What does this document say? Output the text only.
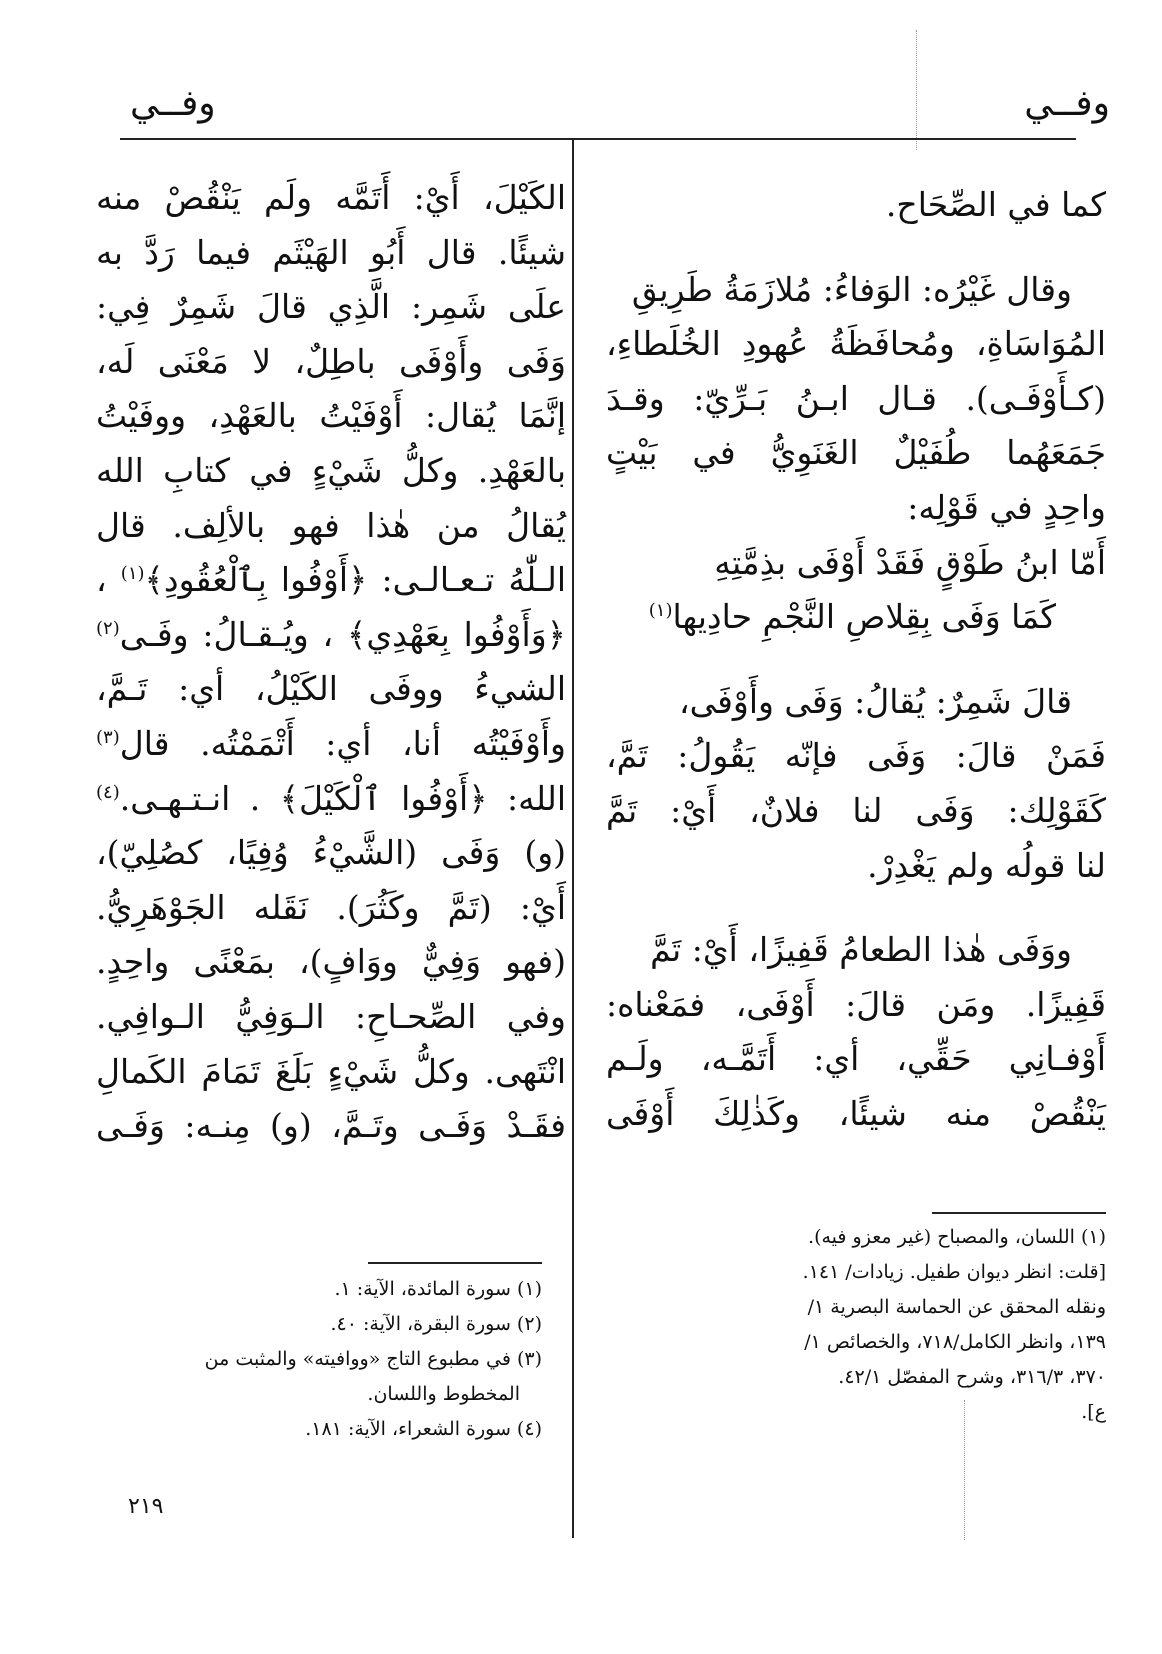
وفــي
وفــي
كما في الصِّحَاح.
وقال غَيْرُه: الوَفاءُ: مُلازَمَةُ طَرِيقِ
المُوَاسَاةِ، ومُحافَظَةُ عُهودِ الخُلَطاءِ،
(كـأَوْفَـى). قـال ابـنُ بَـرِّيّ: وقـدَ
جَمَعَهُما طُفَيْلٌ الغَنَوِيُّ في بَيْتٍ
واحِدٍ في قَوْلِه:
أَمّا ابنُ طَوْقٍ فَقَدْ أَوْفَى بذِمَّتِهِ
كَمَا وَفَى بِقِلاصِ النَّجْمِ حادِيها$^{(١)}$
قالَ شَمِرٌ: يُقالُ: وَفَى وأَوْفَى،
فَمَنْ قالَ: وَفَى فإنّه يَقُولُ: تَمَّ،
كَقَوْلِك: وَفَى لنا فلانٌ، أَيْ: تَمَّ
لنا قولُه ولم يَغْدِرْ.
ووَفَى هٰذا الطعامُ قَفِيزًا، أَيْ: تَمَّ
قَفِيزًا. ومَن قالَ: أَوْفَى، فمَعْناه:
أَوْفـانِي حَقِّي، أي: أَتَمَّـه، ولَـم
يَنْقُصْ منه شيئًا، وكَذٰلِكَ أَوْفَى
الكَيْلَ، أَيْ: أَتَمَّه ولَم يَنْقُصْ منه
شيئًا. قال أَبُو الهَيْثَم فيما رَدَّ به
علَى شَمِر: الَّذِي قالَ شَمِرٌ فِي:
وَفَى وأَوْفَى باطِلٌ، لا مَعْنَى لَه،
إنَّمَا يُقال: أَوْفَيْتُ بالعَهْدِ، ووفَيْتُ
بالعَهْدِ. وكلُّ شَيْءٍ في كتابِ الله
يُقالُ من هٰذا فهو بالألِف. قال
الـلّٰهُ تـعـالـى: ﴿أَوْفُوا بِٱلْعُقُودِ﴾$^{(١)}$ ،
﴿وَأَوْفُوا بِعَهْدِي﴾ ، ويُـقـالُ: وفَـى$^{(٢)}$
الشيءُ ووفَى الكَيْلُ، أي: تَـمَّ،
وأَوْفَيْتُه أنا، أي: أَتْمَمْتُه. قال$^{(٣)}$
الله: ﴿أَوْفُوا ٱلْكَيْلَ﴾ . انـتـهـى.$^{(٤)}$
(و) وَفَى (الشَّيْءُ وُفِيًا، كصُلِيّ)،
أَيْ: (تَمَّ وكَثُرَ). نَقَله الجَوْهَرِيُّ.
(فهو وَفِيٌّ ووَافٍ)، بمَعْنًى واحِدٍ.
وفي الصِّحـاحِ: الـوَفِيُّ الـوافِي.
انْتَهى. وكلُّ شَيْءٍ بَلَغَ تَمَامَ الكَمالِ
فقَـدْ وَفَـى وتَـمَّ، (و) مِنـه: وَفَـى
(١) اللسان، والمصباح (غير معزو فيه).
[قلت: انظر ديوان طفيل. زيادات/ ١٤١.
ونقله المحقق عن الحماسة البصرية ١/
١٣٩، وانظر الكامل/٧١٨، والخصائص ١/
٣٧٠، ٣١٦/٣، وشرح المفصّل ٤٢/١.
ع].
(١) سورة المائدة، الآية: ١.
(٢) سورة البقرة، الآية: ٤٠.
(٣) في مطبوع التاج «ووافيته» والمثبت من
المخطوط واللسان.
(٤) سورة الشعراء، الآية: ١٨١.
٢١٩
